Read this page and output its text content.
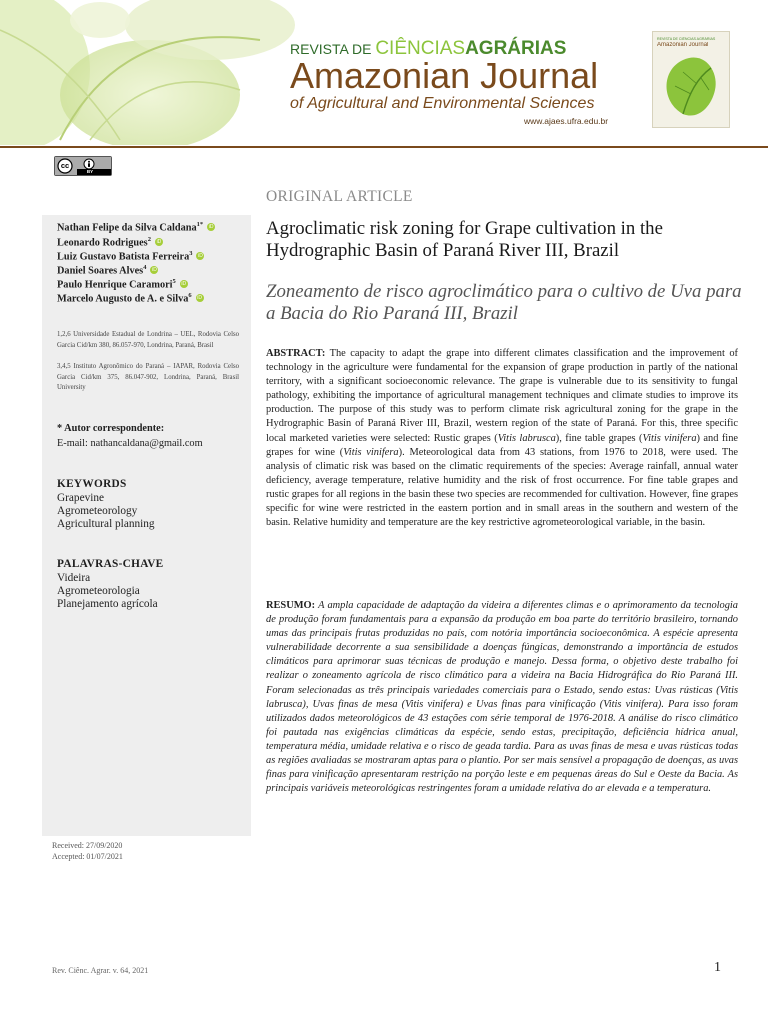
REVISTA DE CIÊNCIASAGRÁRIAS
Amazonian Journal
of Agricultural and Environmental Sciences
www.ajaes.ufra.edu.br
REVISTA DE CIÊNCIAS AGRÁRIAS
Amazonian Journal
cc
BY
Nathan Felipe da Silva Caldana$^{1*}$ iD
Leonardo Rodrigues$^2$ iD
Luiz Gustavo Batista Ferreira$^3$ iD
Daniel Soares Alves$^4$ iD
Paulo Henrique Caramori$^5$ iD
Marcelo Augusto de A. e Silva$^6$ iD
1,2,6 Universidade Estadual de Londrina – UEL, Rodovia Celso Garcia Cid/km 380, 86.057-970, Londrina, Paraná, Brasil
3,4,5 Instituto Agronômico do Paraná – IAPAR, Rodovia Celso Garcia Cid/km 375, 86.047-902, Londrina, Paraná, Brasil University
* Autor correspondente:
E-mail: nathancaldana@gmail.com
KEYWORDS
Grapevine
Agrometeorology
Agricultural planning
PALAVRAS-CHAVE
Videira
Agrometeorologia
Planejamento agrícola
Received: 27/09/2020
Accepted: 01/07/2021
ORIGINAL ARTICLE
Agroclimatic risk zoning for Grape cultivation in the Hydrographic Basin of Paraná River III, Brazil
Zoneamento de risco agroclimático para o cultivo de Uva para a Bacia do Rio Paraná III, Brazil

ABSTRACT: The capacity to adapt the grape into different climates classification and the improvement of technology in the agriculture were fundamental for the expansion of grape production in partly of the national territory, with a significant socioeconomic relevance. The grape is vulnerable due to its sensitivity to fungal pathology, exhibiting the importance of agricultural management techniques and climate studies to improve its production. The purpose of this study was to perform climate risk agricultural zoning for the grape in the Hydrographic Basin of Paraná River III, Brazil, western region of the state of Paraná. For this, three specific local marketed varieties were selected: Rustic grapes (Vitis labrusca), fine table grapes (Vitis vinifera) and fine grapes for wine (Vitis vinifera). Meteorological data from 43 stations, from 1976 to 2018, were used. The analysis of climatic risk was based on the climatic requirements of the species: Average rainfall, annual water deficiency, average temperature, relative humidity and the risk of frost occurrence. For fine table grapes and rustic grapes for all regions in the basin these two species are recommended for cultivation. However, fine grapes specific for wine were restricted in the eastern portion and in small areas in the southern and western of the basin. Relative humidity and temperature are the key restrictive agrometeorological variable, in the basin.

RESUMO: A ampla capacidade de adaptação da videira a diferentes climas e o aprimoramento da tecnologia de produção foram fundamentais para a expansão da produção em boa parte do território brasileiro, tornando umas das principais frutas produzidas no país, com notória importância socioeconômica. A espécie apresenta vulnerabilidade decorrente a sua sensibilidade a doenças fúngicas, demonstrando a importância de estudos climáticos para aprimorar suas técnicas de produção e manejo. Dessa forma, o objetivo deste trabalho foi realizar o zoneamento agrícola de risco climático para a videira na Bacia Hidrográfica do Rio Paraná III. Foram selecionadas as três principais variedades comerciais para o Estado, sendo estas: Uvas rústicas (Vitis labrusca), Uvas finas de mesa (Vitis vinifera) e Uvas finas para vinificação (Vitis vinifera). Para isso foram utilizados dados meteorológicos de 43 estações com série temporal de 1976-2018. A análise do risco climático foi pautada nas exigências climáticas da espécie, sendo estas, precipitação, deficiência hídrica anual, temperatura média, umidade relativa e o risco de geada tardia. Para as uvas finas de mesa e uvas rústicas todas as regiões avaliadas se mostraram aptas para o plantio. Por ser mais sensível a propagação de doenças, as uvas finas para vinificação apresentaram restrição na porção leste e em pequenas áreas do Sul e Oeste da Bacia. As principais variáveis meteorológicas restringentes foram a umidade relativa do ar elevada e a temperatura.

Rev. Ciênc. Agrar. v. 64, 2021	1
